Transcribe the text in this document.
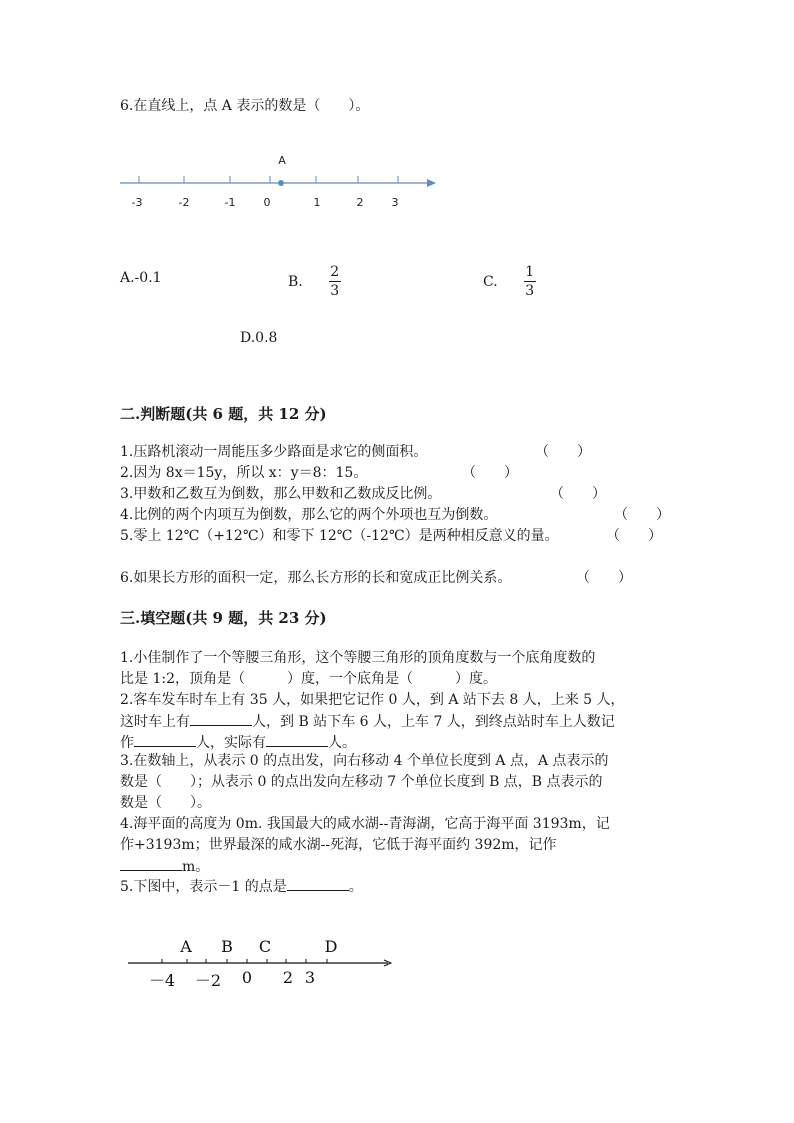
6.在直线上，点 A 表示的数是（　　）。
A
-3	-2	-1	0	1	2	3
A.-0.1	B. $\frac{2}{3}$	C. $\frac{1}{3}$
D.0.8
二.判断题(共 6 题，共 12 分)
1.压路机滚动一周能压多少路面是求它的侧面积。	（　　）
2.因为 8x＝15y，所以 x：y＝8：15。	（　　）
3.甲数和乙数互为倒数，那么甲数和乙数成反比例。	（　　）
4.比例的两个内项互为倒数，那么它的两个外项也互为倒数。	（　　）
5.零上 12℃（+12℃）和零下 12℃（-12℃）是两种相反意义的量。	（　　）
6.如果长方形的面积一定，那么长方形的长和宽成正比例关系。	（　　）
三.填空题(共 9 题，共 23 分)
1.小佳制作了一个等腰三角形，这个等腰三角形的顶角度数与一个底角度数的
比是 1:2，顶角是（　　　）度，一个底角是（　　　）度。
2.客车发车时车上有 35 人，如果把它记作 0 人，到 A 站下去 8 人，上来 5 人，
这时车上有	人，到 B 站下车 6 人，上车 7 人，到终点站时车上人数记
作	人，实际有	人。
3.在数轴上，从表示 0 的点出发，向右移动 4 个单位长度到 A 点，A 点表示的
数是（　　）；从表示 0 的点出发向左移动 7 个单位长度到 B 点，B 点表示的
数是（　　）。
4.海平面的高度为 0m. 我国最大的咸水湖--青海湖，它高于海平面 3193m，记
作+3193m；世界最深的咸水湖--死海，它低于海平面约 392m，记作
m。
5.下图中，表示－1 的点是	。
A B C	D
－4 －2 0 2 3
